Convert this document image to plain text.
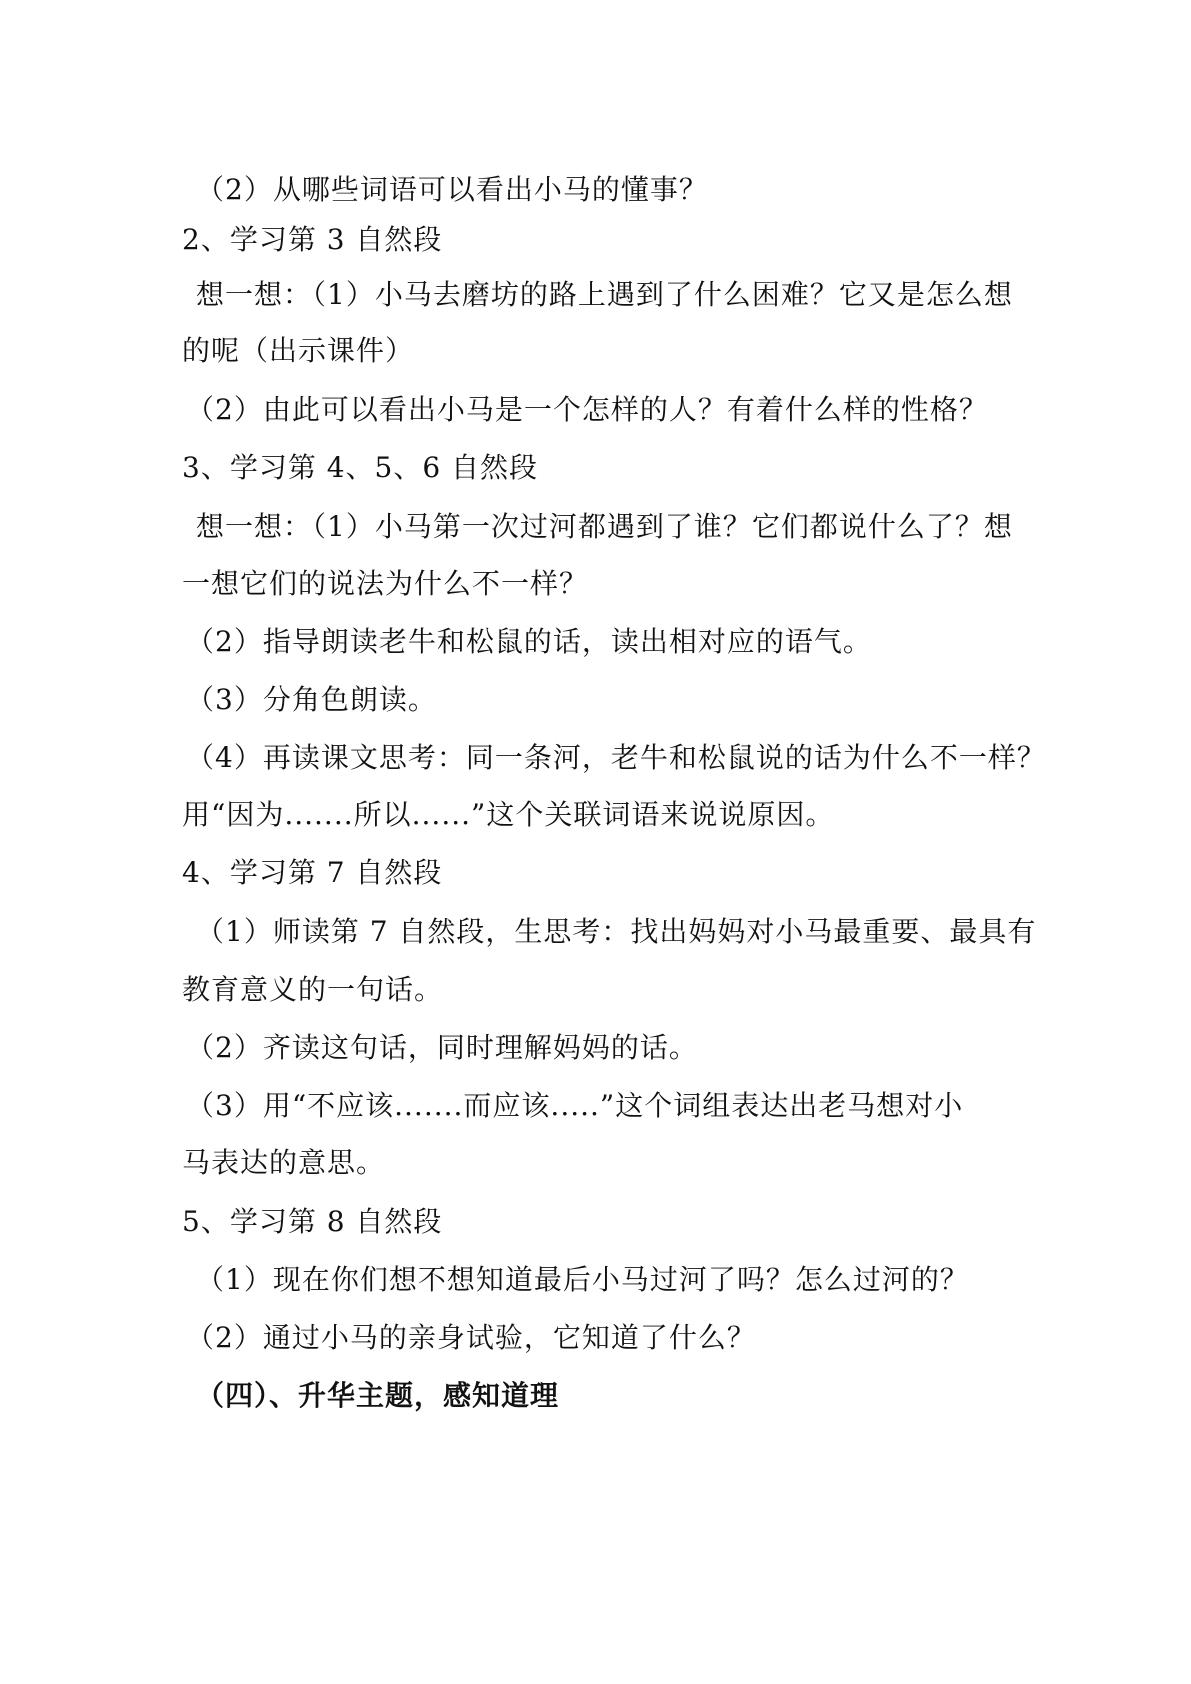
（2）从哪些词语可以看出小马的懂事？
2、学习第 3 自然段
想一想：（1）小马去磨坊的路上遇到了什么困难？它又是怎么想
的呢（出示课件）
（2）由此可以看出小马是一个怎样的人？有着什么样的性格？
3、学习第 4、5、6 自然段
想一想：（1）小马第一次过河都遇到了谁？它们都说什么了？想
一想它们的说法为什么不一样？
（2）指导朗读老牛和松鼠的话，读出相对应的语气。
（3）分角色朗读。
（4）再读课文思考：同一条河，老牛和松鼠说的话为什么不一样？
用“因为.......所以......”这个关联词语来说说原因。
4、学习第 7 自然段
（1）师读第 7 自然段，生思考：找出妈妈对小马最重要、最具有
教育意义的一句话。
（2）齐读这句话，同时理解妈妈的话。
（3）用“不应该.......而应该.....”这个词组表达出老马想对小
马表达的意思。
5、学习第 8 自然段
（1）现在你们想不想知道最后小马过河了吗？怎么过河的？
（2）通过小马的亲身试验，它知道了什么？
（四）、升华主题，感知道理
